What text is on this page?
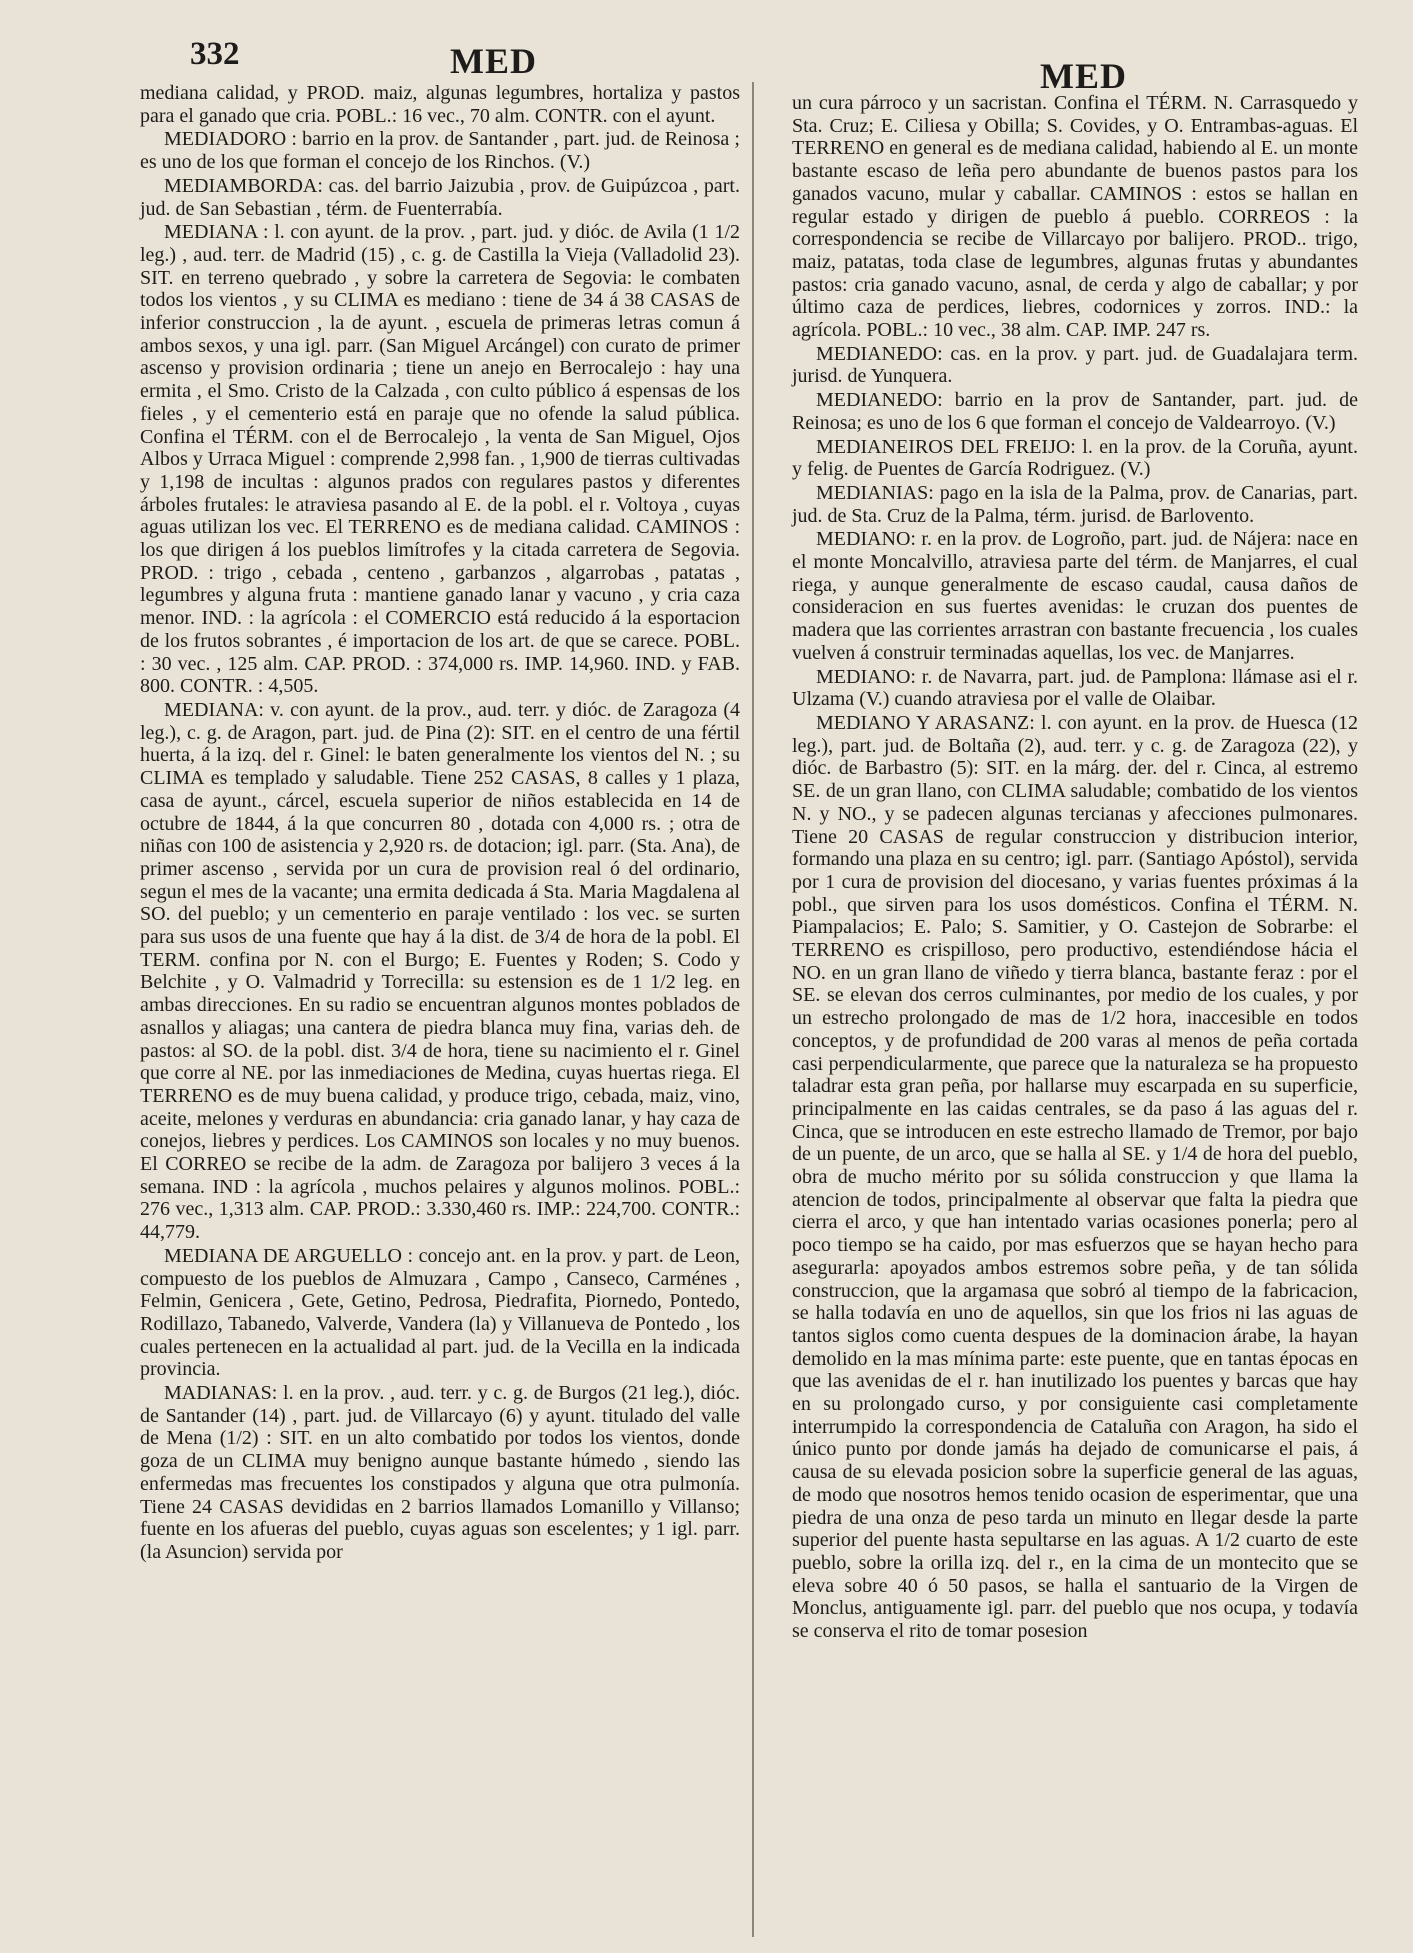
332	MED	MED

mediana calidad, y PROD. maiz, algunas legumbres, hortaliza y pastos para el ganado que cria. POBL.: 16 vec., 70 alm. CONTR. con el ayunt.

MEDIADORO : barrio en la prov. de Santander , part. jud. de Reinosa ; es uno de los que forman el concejo de los Rinchos. (V.)

MEDIAMBORDA: cas. del barrio Jaizubia , prov. de Guipúzcoa , part. jud. de San Sebastian , térm. de Fuenterrabía.

MEDIANA : l. con ayunt. de la prov. , part. jud. y dióc. de Avila (1 1/2 leg.) , aud. terr. de Madrid (15) , c. g. de Castilla la Vieja (Valladolid 23). SIT. en terreno quebrado , y sobre la carretera de Segovia: le combaten todos los vientos , y su CLIMA es mediano : tiene de 34 á 38 CASAS de inferior construccion , la de ayunt. , escuela de primeras letras comun á ambos sexos, y una igl. parr. (San Miguel Arcángel) con curato de primer ascenso y provision ordinaria ; tiene un anejo en Berrocalejo : hay una ermita , el Smo. Cristo de la Calzada , con culto público á espensas de los fieles , y el cementerio está en paraje que no ofende la salud pública. Confina el TÉRM. con el de Berrocalejo , la venta de San Miguel, Ojos Albos y Urraca Miguel : comprende 2,998 fan. , 1,900 de tierras cultivadas y 1,198 de incultas : algunos prados con regulares pastos y diferentes árboles frutales: le atraviesa pasando al E. de la pobl. el r. Voltoya , cuyas aguas utilizan los vec. El TERRENO es de mediana calidad. CAMINOS : los que dirigen á los pueblos limítrofes y la citada carretera de Segovia. PROD. : trigo , cebada , centeno , garbanzos , algarrobas , patatas , legumbres y alguna fruta : mantiene ganado lanar y vacuno , y cria caza menor. IND. : la agrícola : el COMERCIO está reducido á la esportacion de los frutos sobrantes , é importacion de los art. de que se carece. POBL. : 30 vec. , 125 alm. CAP. PROD. : 374,000 rs. IMP. 14,960. IND. y FAB. 800. CONTR. : 4,505.

MEDIANA: v. con ayunt. de la prov., aud. terr. y dióc. de Zaragoza (4 leg.), c. g. de Aragon, part. jud. de Pina (2): SIT. en el centro de una fértil huerta, á la izq. del r. Ginel: le baten generalmente los vientos del N. ; su CLIMA es templado y saludable. Tiene 252 CASAS, 8 calles y 1 plaza, casa de ayunt., cárcel, escuela superior de niños establecida en 14 de octubre de 1844, á la que concurren 80 , dotada con 4,000 rs. ; otra de niñas con 100 de asistencia y 2,920 rs. de dotacion; igl. parr. (Sta. Ana), de primer ascenso , servida por un cura de provision real ó del ordinario, segun el mes de la vacante; una ermita dedicada á Sta. Maria Magdalena al SO. del pueblo; y un cementerio en paraje ventilado : los vec. se surten para sus usos de una fuente que hay á la dist. de 3/4 de hora de la pobl. El TERM. confina por N. con el Burgo; E. Fuentes y Roden; S. Codo y Belchite , y O. Valmadrid y Torrecilla: su estension es de 1 1/2 leg. en ambas direcciones. En su radio se encuentran algunos montes poblados de asnallos y aliagas; una cantera de piedra blanca muy fina, varias deh. de pastos: al SO. de la pobl. dist. 3/4 de hora, tiene su nacimiento el r. Ginel que corre al NE. por las inmediaciones de Medina, cuyas huertas riega. El TERRENO es de muy buena calidad, y produce trigo, cebada, maiz, vino, aceite, melones y verduras en abundancia: cria ganado lanar, y hay caza de conejos, liebres y perdices. Los CAMINOS son locales y no muy buenos. El CORREO se recibe de la adm. de Zaragoza por balijero 3 veces á la semana. IND : la agrícola , muchos pelaires y algunos molinos. POBL.: 276 vec., 1,313 alm. CAP. PROD.: 3.330,460 rs. IMP.: 224,700. CONTR.: 44,779.

MEDIANA DE ARGUELLO : concejo ant. en la prov. y part. de Leon, compuesto de los pueblos de Almuzara , Campo , Canseco, Carménes , Felmin, Genicera , Gete, Getino, Pedrosa, Piedrafita, Piornedo, Pontedo, Rodillazo, Tabanedo, Valverde, Vandera (la) y Villanueva de Pontedo , los cuales pertenecen en la actualidad al part. jud. de la Vecilla en la indicada provincia.

MADIANAS: l. en la prov. , aud. terr. y c. g. de Burgos (21 leg.), dióc. de Santander (14) , part. jud. de Villarcayo (6) y ayunt. titulado del valle de Mena (1/2) : SIT. en un alto combatido por todos los vientos, donde goza de un CLIMA muy benigno aunque bastante húmedo , siendo las enfermedas mas frecuentes los constipados y alguna que otra pulmonía. Tiene 24 CASAS devididas en 2 barrios llamados Lomanillo y Villanso; fuente en los afueras del pueblo, cuyas aguas son escelentes; y 1 igl. parr. (la Asuncion) servida por

un cura párroco y un sacristan. Confina el TÉRM. N. Carrasquedo y Sta. Cruz; E. Ciliesa y Obilla; S. Covides, y O. Entrambas-aguas. El TERRENO en general es de mediana calidad, habiendo al E. un monte bastante escaso de leña pero abundante de buenos pastos para los ganados vacuno, mular y caballar. CAMINOS : estos se hallan en regular estado y dirigen de pueblo á pueblo. CORREOS : la correspondencia se recibe de Villarcayo por balijero. PROD.. trigo, maiz, patatas, toda clase de legumbres, algunas frutas y abundantes pastos: cria ganado vacuno, asnal, de cerda y algo de caballar; y por último caza de perdices, liebres, codornices y zorros. IND.: la agrícola. POBL.: 10 vec., 38 alm. CAP. IMP. 247 rs.

MEDIANEDO: cas. en la prov. y part. jud. de Guadalajara term. jurisd. de Yunquera.

MEDIANEDO: barrio en la prov de Santander, part. jud. de Reinosa; es uno de los 6 que forman el concejo de Valdearroyo. (V.)

MEDIANEIROS DEL FREIJO: l. en la prov. de la Coruña, ayunt. y felig. de Puentes de García Rodriguez. (V.)

MEDIANIAS: pago en la isla de la Palma, prov. de Canarias, part. jud. de Sta. Cruz de la Palma, térm. jurisd. de Barlovento.

MEDIANO: r. en la prov. de Logroño, part. jud. de Nájera: nace en el monte Moncalvillo, atraviesa parte del térm. de Manjarres, el cual riega, y aunque generalmente de escaso caudal, causa daños de consideracion en sus fuertes avenidas: le cruzan dos puentes de madera que las corrientes arrastran con bastante frecuencia , los cuales vuelven á construir terminadas aquellas, los vec. de Manjarres.

MEDIANO: r. de Navarra, part. jud. de Pamplona: llámase asi el r. Ulzama (V.) cuando atraviesa por el valle de Olaibar.

MEDIANO Y ARASANZ: l. con ayunt. en la prov. de Huesca (12 leg.), part. jud. de Boltaña (2), aud. terr. y c. g. de Zaragoza (22), y dióc. de Barbastro (5): SIT. en la márg. der. del r. Cinca, al estremo SE. de un gran llano, con CLIMA saludable; combatido de los vientos N. y NO., y se padecen algunas tercianas y afecciones pulmonares. Tiene 20 CASAS de regular construccion y distribucion interior, formando una plaza en su centro; igl. parr. (Santiago Apóstol), servida por 1 cura de provision del diocesano, y varias fuentes próximas á la pobl., que sirven para los usos domésticos. Confina el TÉRM. N. Piampalacios; E. Palo; S. Samitier, y O. Castejon de Sobrarbe: el TERRENO es crispilloso, pero productivo, estendiéndose hácia el NO. en un gran llano de viñedo y tierra blanca, bastante feraz : por el SE. se elevan dos cerros culminantes, por medio de los cuales, y por un estrecho prolongado de mas de 1/2 hora, inaccesible en todos conceptos, y de profundidad de 200 varas al menos de peña cortada casi perpendicularmente, que parece que la naturaleza se ha propuesto taladrar esta gran peña, por hallarse muy escarpada en su superficie, principalmente en las caidas centrales, se da paso á las aguas del r. Cinca, que se introducen en este estrecho llamado de Tremor, por bajo de un puente, de un arco, que se halla al SE. y 1/4 de hora del pueblo, obra de mucho mérito por su sólida construccion y que llama la atencion de todos, principalmente al observar que falta la piedra que cierra el arco, y que han intentado varias ocasiones ponerla; pero al poco tiempo se ha caido, por mas esfuerzos que se hayan hecho para asegurarla: apoyados ambos estremos sobre peña, y de tan sólida construccion, que la argamasa que sobró al tiempo de la fabricacion, se halla todavía en uno de aquellos, sin que los frios ni las aguas de tantos siglos como cuenta despues de la dominacion árabe, la hayan demolido en la mas mínima parte: este puente, que en tantas épocas en que las avenidas de el r. han inutilizado los puentes y barcas que hay en su prolongado curso, y por consiguiente casi completamente interrumpido la correspondencia de Cataluña con Aragon, ha sido el único punto por donde jamás ha dejado de comunicarse el pais, á causa de su elevada posicion sobre la superficie general de las aguas, de modo que nosotros hemos tenido ocasion de esperimentar, que una piedra de una onza de peso tarda un minuto en llegar desde la parte superior del puente hasta sepultarse en las aguas. A 1/2 cuarto de este pueblo, sobre la orilla izq. del r., en la cima de un montecito que se eleva sobre 40 ó 50 pasos, se halla el santuario de la Virgen de Monclus, antiguamente igl. parr. del pueblo que nos ocupa, y todavía se conserva el rito de tomar posesion
